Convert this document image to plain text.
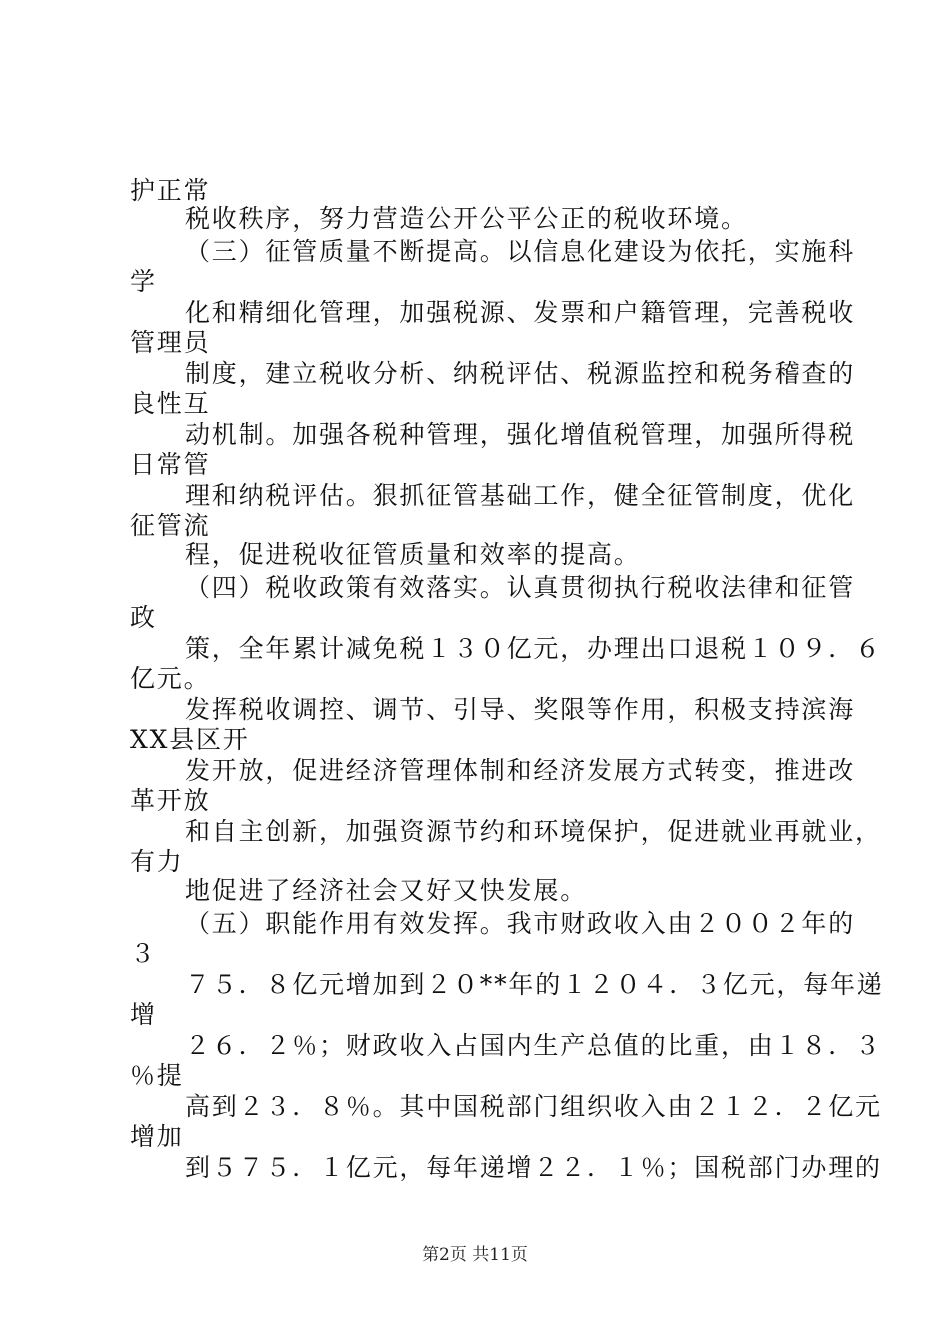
护正常
税收秩序，努力营造公开公平公正的税收环境。
（三）征管质量不断提高。以信息化建设为依托，实施科
学
化和精细化管理，加强税源、发票和户籍管理，完善税收
管理员
制度，建立税收分析、纳税评估、税源监控和税务稽查的
良性互
动机制。加强各税种管理，强化增值税管理，加强所得税
日常管
理和纳税评估。狠抓征管基础工作，健全征管制度，优化
征管流
程，促进税收征管质量和效率的提高。
（四）税收政策有效落实。认真贯彻执行税收法律和征管
政
策，全年累计减免税１３０亿元，办理出口退税１０９．６
亿元。
发挥税收调控、调节、引导、奖限等作用，积极支持滨海
XX县区开
发开放，促进经济管理体制和经济发展方式转变，推进改
革开放
和自主创新，加强资源节约和环境保护，促进就业再就业，
有力
地促进了经济社会又好又快发展。
（五）职能作用有效发挥。我市财政收入由２００２年的
３
７５．８亿元增加到２０**年的１２０４．３亿元，每年递
增
２６．２％；财政收入占国内生产总值的比重，由１８．３
％提
高到２３．８％。其中国税部门组织收入由２１２．２亿元
增加
到５７５．１亿元，每年递增２２．１％；国税部门办理的
第2页 共11页
